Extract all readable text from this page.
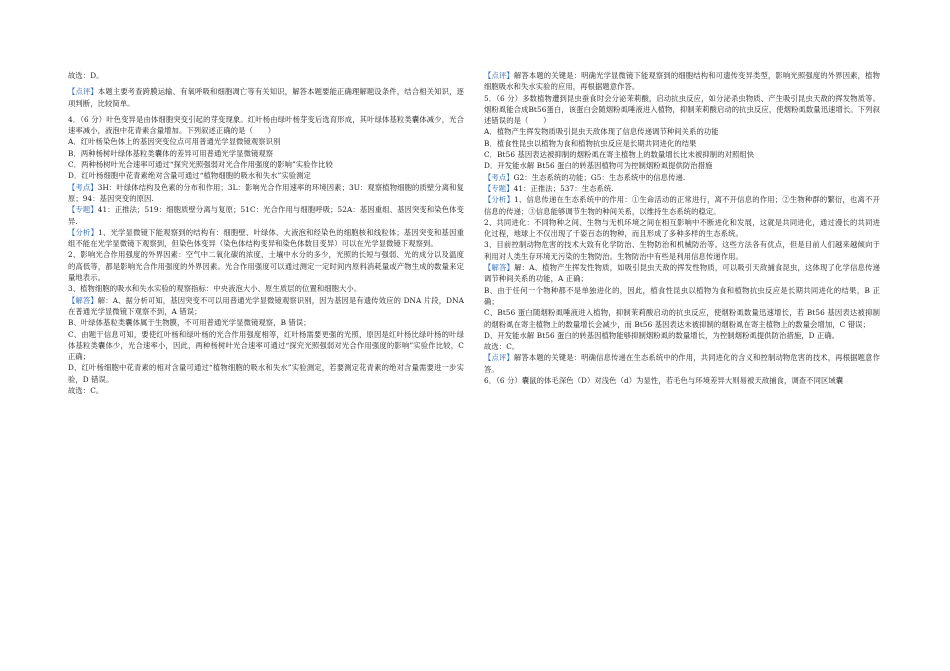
故选：D。

【点评】本题主要考查跨膜运输、有氧呼吸和细胞凋亡等有关知识，解答本题要能正确理解题设条件，结合相关知识，逐项判断，比较简单。

4．（6 分）叶色变异是由体细胞突变引起的芽变现象。红叶杨由绿叶杨芽变后选育形成，其叶绿体基粒类囊体减少，光合速率减小，液泡中花青素含量增加。下列叙述正确的是（　　）

A．红叶杨染色体上的基因突变位点可用普通光学显微镜观察识别

B．两种杨树叶绿体基粒类囊体的差异可用普通光学显微镜观察

C．两种杨树叶光合速率可通过“探究光照强弱对光合作用强度的影响”实验作比较

D．红叶杨细胞中花青素绝对含量可通过“植物细胞的吸水和失水”实验测定

【考点】3H：叶绿体结构及色素的分布和作用；3L：影响光合作用速率的环境因素；3U：观察植物细胞的质壁分离和复原；94：基因突变的原因.

【专题】41：正推法；519：细胞质壁分离与复原；51C：光合作用与细胞呼吸；52A：基因重组、基因突变和染色体变异.

【分析】1、光学显微镜下能观察到的结构有：细胞壁、叶绿体、大液泡和经染色的细胞核和线粒体；基因突变和基因重组不能在光学显微镜下观察到，但染色体变异（染色体结构变异和染色体数目变异）可以在光学显微镜下观察到。

2、影响光合作用强度的外界因素：空气中二氧化碳的浓度，土壤中水分的多少，光照的长短与强弱、光的成分以及温度的高低等，都是影响光合作用强度的外界因素。光合作用强度可以通过测定一定时间内原料消耗量或产物生成的数量来定量地表示。

3、植物细胞的吸水和失水实验的观察指标：中央液泡大小、原生质层的位置和细胞大小。

【解答】解：A、据分析可知，基因突变不可以用普通光学显微镜观察识别，因为基因是有遗传效应的 DNA 片段，DNA 在普通光学显微镜下观察不到，A 错误；

B、叶绿体基粒类囊体属于生物膜，不可用普通光学显微镜观察，B 错误；

C、由题干信息可知，要使红叶杨和绿叶杨的光合作用强度相等，红叶杨需要更强的光照，原因是红叶杨比绿叶杨的叶绿体基粒类囊体少，光合速率小，因此，两种杨树叶光合速率可通过“探究光照强弱对光合作用强度的影响”实验作比较，C 正确；

D、红叶杨细胞中花青素的相对含量可通过“植物细胞的吸水和失水”实验测定，若要测定花青素的绝对含量需要进一步实验，D 错误。

故选：C。

【点评】解答本题的关键是：明确光学显微镜下能观察到的细胞结构和可遗传变异类型，影响光照强度的外界因素，植物细胞吸水和失水实验的应用，再根据题意作答。

5．（6 分）多数植物遭到昆虫蚕食时会分泌茉莉酸，启动抗虫反应，如分泌杀虫物质、产生吸引昆虫天敌的挥发物质等。烟粉虱能合成Bt56蛋白，该蛋白会随烟粉虱唾液进入植物，抑制茉莉酸启动的抗虫反应，使烟粉虱数量迅速增长。下列叙述错误的是（　　）

A．植物产生挥发物质吸引昆虫天敌体现了信息传递调节种间关系的功能

B．植食性昆虫以植物为食和植物抗虫反应是长期共同进化的结果

C．Bt56 基因表达被抑制的烟粉虱在寄主植物上的数量增长比未被抑制的对照组快

D．开发能水解 Bt56 蛋白的转基因植物可为控制烟粉虱提供防治措施

【考点】G2：生态系统的功能；G5：生态系统中的信息传递.

【专题】41：正推法；537：生态系统.

【分析】1、信息传递在生态系统中的作用：①生命活动的正常进行，离不开信息的作用；②生物种群的繁衍，也离不开信息的传递；③信息能够调节生物的种间关系，以维持生态系统的稳定。

2、共同进化：不同物种之间、生物与无机环境之间在相互影响中不断进化和发展，这就是共同进化，通过漫长的共同进化过程，地球上不仅出现了千姿百态的物种，而且形成了多种多样的生态系统。

3、目前控制动物危害的技术大致有化学防治、生物防治和机械防治等。这些方法各有优点，但是目前人们越来越倾向于利用对人类生存环境无污染的生物防治。生物防治中有些是利用信息传递作用。

【解答】解：A、植物产生挥发性物质，如吸引昆虫天敌的挥发性物质，可以吸引天敌捕食昆虫，这体现了化学信息传递调节种间关系的功能，A 正确；

B、由于任何一个物种都不是单独进化的，因此，植食性昆虫以植物为食和植物抗虫反应是长期共同进化的结果，B 正确；

C、Bt56 蛋白随烟粉虱唾液进入植物，抑制茉莉酸启动的抗虫反应，使烟粉虱数量迅速增长，若 Bt56 基因表达被抑制的烟粉虱在寄主植物上的数量增长会减少，而 Bt56 基因表达未被抑制的烟粉虱在寄主植物上的数量会增加，C 错误；

D、开发能水解 Bt56 蛋白的转基因植物能够抑制烟粉虱的数量增长，为控制烟粉虱提供防治措施，D 正确。

故选：C。

【点评】解答本题的关键是：明确信息传递在生态系统中的作用，共同进化的含义和控制动物危害的技术，再根据题意作答。

6．（6 分）囊鼠的体毛深色（D）对浅色（d）为显性，若毛色与环境差异大则易被天敌捕食，调查不同区域囊
